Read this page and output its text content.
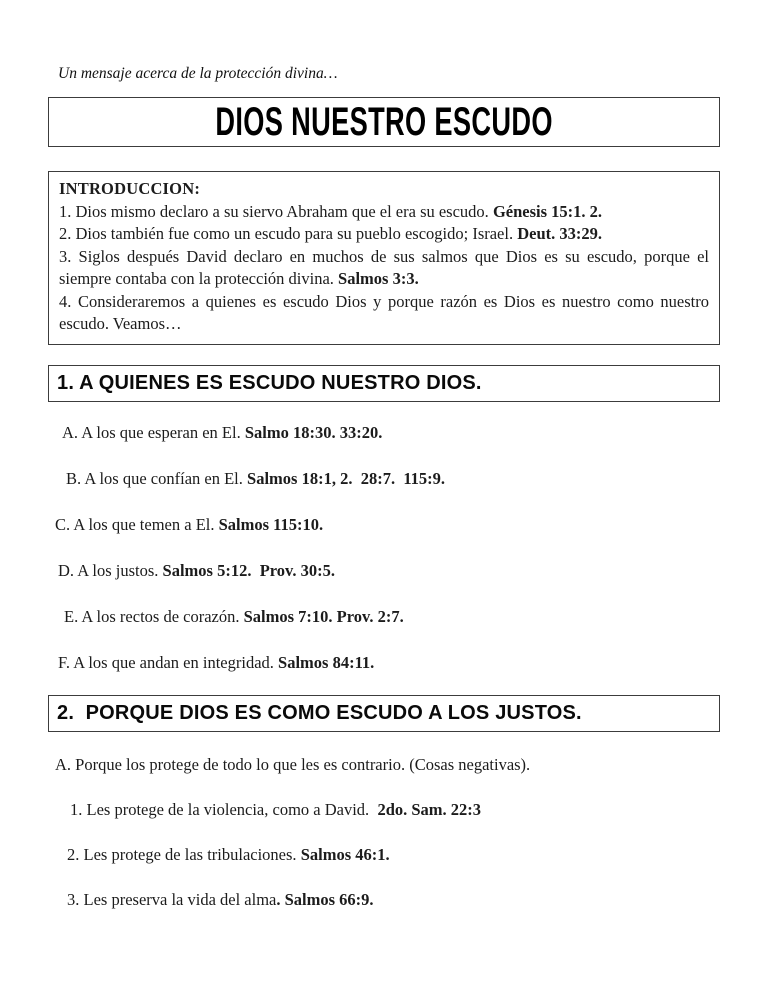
Un mensaje acerca de la protección divina…
DIOS NUESTRO ESCUDO
INTRODUCCION:

1. Dios mismo declaro a su siervo Abraham que el era su escudo. Génesis 15:1. 2.

2. Dios también fue como un escudo para su pueblo escogido; Israel. Deut. 33:29.

3. Siglos después David declaro en muchos de sus salmos que Dios es su escudo, porque el siempre contaba con la protección divina. Salmos 3:3.

4. Consideraremos a quienes es escudo Dios y porque razón es Dios es nuestro como nuestro escudo. Veamos…

1. A QUIENES ES ESCUDO NUESTRO DIOS.
A. A los que esperan en El. Salmo 18:30. 33:20.
B. A los que confían en El. Salmos 18:1, 2.  28:7.  115:9.
C. A los que temen a El. Salmos 115:10.
D. A los justos. Salmos 5:12.  Prov. 30:5.
E. A los rectos de corazón. Salmos 7:10. Prov. 2:7.
F. A los que andan en integridad. Salmos 84:11.
2.  PORQUE DIOS ES COMO ESCUDO A LOS JUSTOS.
A. Porque los protege de todo lo que les es contrario. (Cosas negativas).
1. Les protege de la violencia, como a David.  2do. Sam. 22:3
2. Les protege de las tribulaciones. Salmos 46:1.
3. Les preserva la vida del alma. Salmos 66:9.
